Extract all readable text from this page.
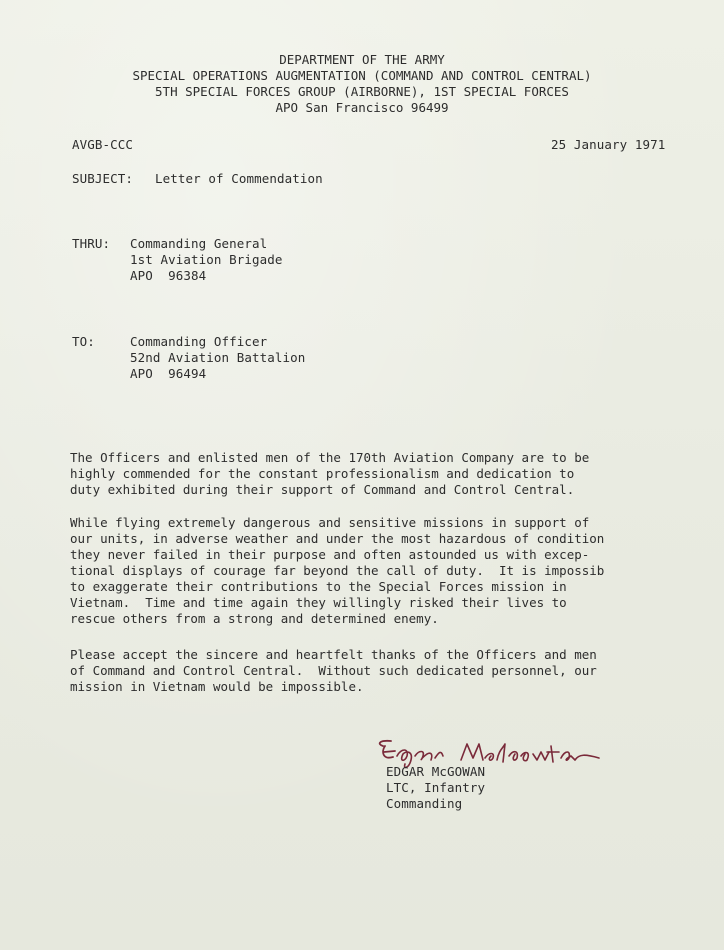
DEPARTMENT OF THE ARMY
SPECIAL OPERATIONS AUGMENTATION (COMMAND AND CONTROL CENTRAL)
5TH SPECIAL FORCES GROUP (AIRBORNE), 1ST SPECIAL FORCES
APO San Francisco 96499
AVGB-CCC	25 January 1971
SUBJECT: Letter of Commendation
THRU: Commanding General
1st Aviation Brigade
APO  96384
TO:	Commanding Officer
52nd Aviation Battalion
APO  96494
The Officers and enlisted men of the 170th Aviation Company are to be
highly commended for the constant professionalism and dedication to
duty exhibited during their support of Command and Control Central.
While flying extremely dangerous and sensitive missions in support of
our units, in adverse weather and under the most hazardous of condition
they never failed in their purpose and often astounded us with excep-
tional displays of courage far beyond the call of duty.  It is impossib
to exaggerate their contributions to the Special Forces mission in
Vietnam.  Time and time again they willingly risked their lives to
rescue others from a strong and determined enemy.
Please accept the sincere and heartfelt thanks of the Officers and men
of Command and Control Central.  Without such dedicated personnel, our
mission in Vietnam would be impossible.
EDGAR McGOWAN
LTC, Infantry
Commanding
